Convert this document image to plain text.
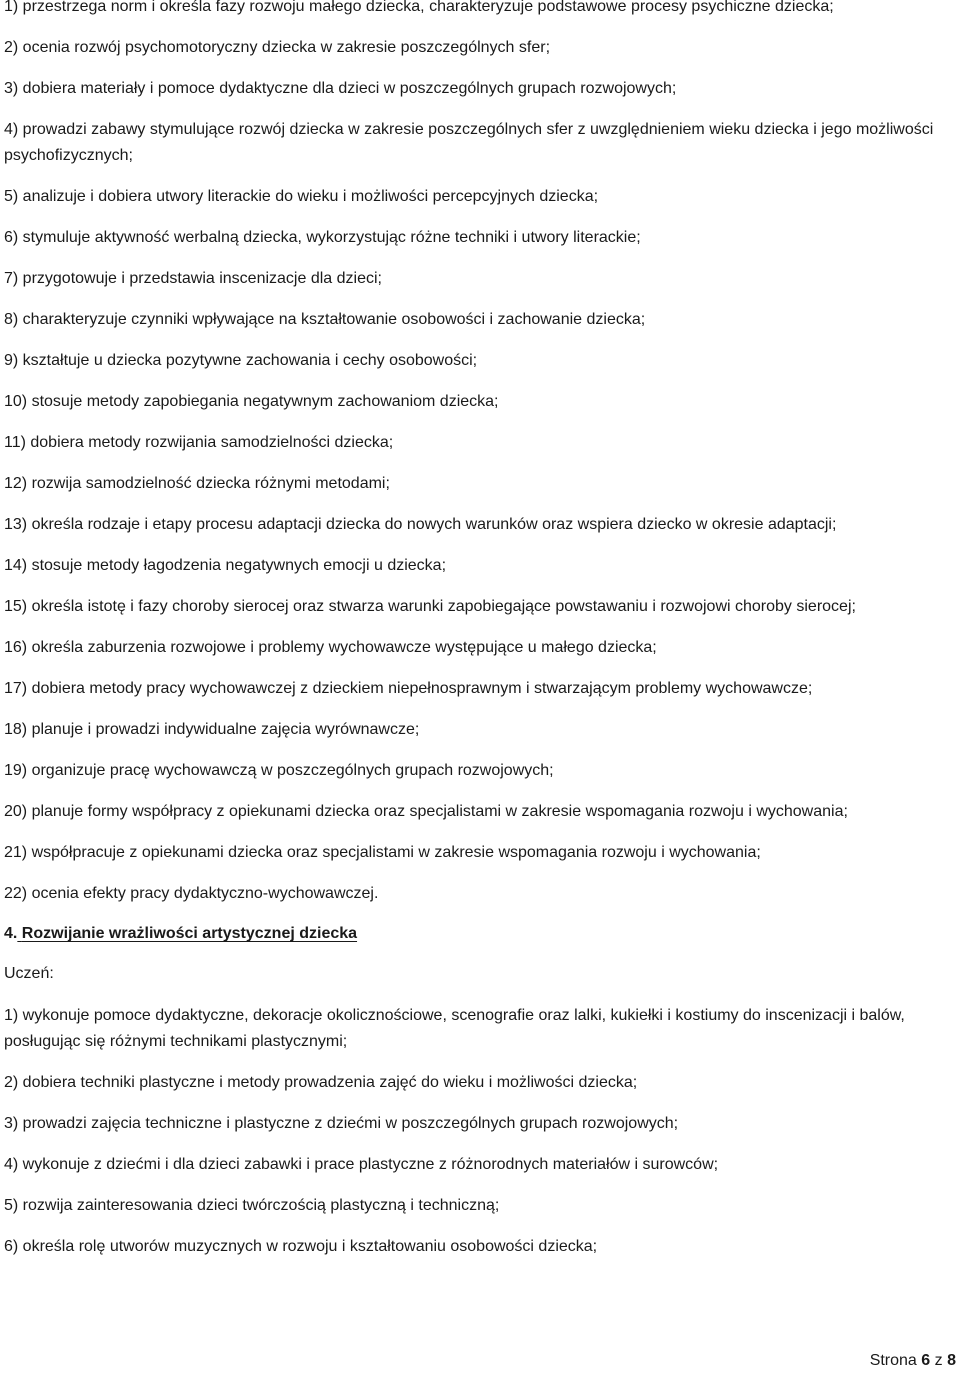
1) przestrzega norm i określa fazy rozwoju małego dziecka, charakteryzuje podstawowe procesy psychiczne dziecka;

2) ocenia rozwój psychomotoryczny dziecka w zakresie poszczególnych sfer;

3) dobiera materiały i pomoce dydaktyczne dla dzieci w poszczególnych grupach rozwojowych;

4) prowadzi zabawy stymulujące rozwój dziecka w zakresie poszczególnych sfer z uwzględnieniem wieku dziecka i jego możliwości psychofizycznych;

5) analizuje i dobiera utwory literackie do wieku i możliwości percepcyjnych dziecka;

6) stymuluje aktywność werbalną dziecka, wykorzystując różne techniki i utwory literackie;

7) przygotowuje i przedstawia inscenizacje dla dzieci;

8) charakteryzuje czynniki wpływające na kształtowanie osobowości i zachowanie dziecka;

9) kształtuje u dziecka pozytywne zachowania i cechy osobowości;

10) stosuje metody zapobiegania negatywnym zachowaniom dziecka;

11) dobiera metody rozwijania samodzielności dziecka;

12) rozwija samodzielność dziecka różnymi metodami;

13) określa rodzaje i etapy procesu adaptacji dziecka do nowych warunków oraz wspiera dziecko w okresie adaptacji;

14) stosuje metody łagodzenia negatywnych emocji u dziecka;

15) określa istotę i fazy choroby sierocej oraz stwarza warunki zapobiegające powstawaniu i rozwojowi choroby sierocej;

16) określa zaburzenia rozwojowe i problemy wychowawcze występujące u małego dziecka;

17) dobiera metody pracy wychowawczej z dzieckiem niepełnosprawnym i stwarzającym problemy wychowawcze;

18) planuje i prowadzi indywidualne zajęcia wyrównawcze;

19) organizuje pracę wychowawczą w poszczególnych grupach rozwojowych;

20) planuje formy współpracy z opiekunami dziecka oraz specjalistami w zakresie wspomagania rozwoju i wychowania;

21) współpracuje z opiekunami dziecka oraz specjalistami w zakresie wspomagania rozwoju i wychowania;

22) ocenia efekty pracy dydaktyczno-wychowawczej.

4. Rozwijanie wrażliwości artystycznej dziecka

Uczeń:

1) wykonuje pomoce dydaktyczne, dekoracje okolicznościowe, scenografie oraz lalki, kukiełki i kostiumy do inscenizacji i balów, posługując się różnymi technikami plastycznymi;

2) dobiera techniki plastyczne i metody prowadzenia zajęć do wieku i możliwości dziecka;

3) prowadzi zajęcia techniczne i plastyczne z dziećmi w poszczególnych grupach rozwojowych;

4) wykonuje z dziećmi i dla dzieci zabawki i prace plastyczne z różnorodnych materiałów i surowców;

5) rozwija zainteresowania dzieci twórczością plastyczną i techniczną;

6) określa rolę utworów muzycznych w rozwoju i kształtowaniu osobowości dziecka;

Strona 6 z 8
